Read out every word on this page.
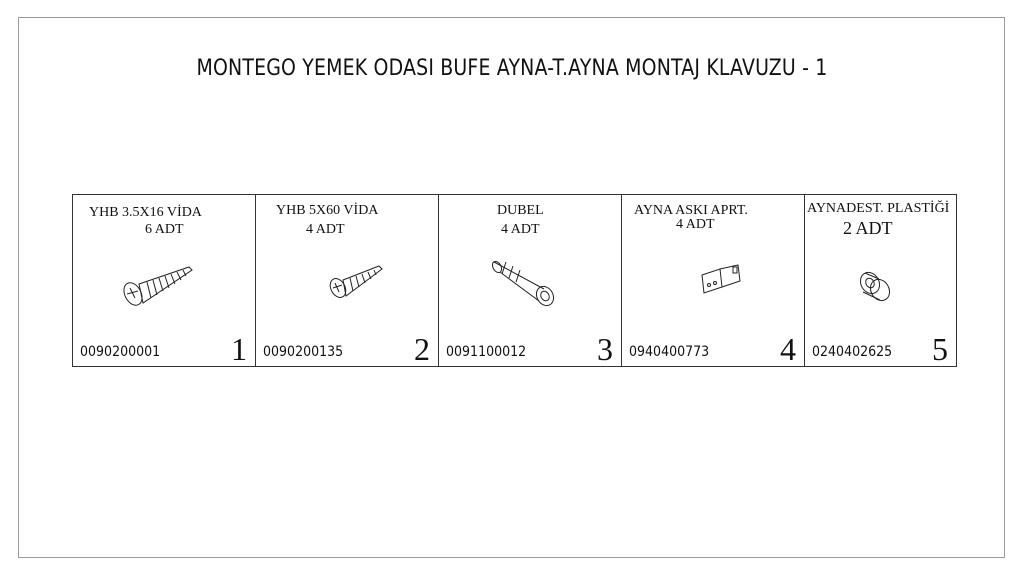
MONTEGO YEMEK ODASI BUFE AYNA-T.AYNA MONTAJ KLAVUZU - 1
YHB 3.5X16 VİDA
6 ADT
0090200001 1
YHB 5X60 VİDA
4 ADT
0090200135 2
DUBEL
4 ADT
0091100012 3
AYNA ASKI APRT.
4 ADT
0940400773 4
AYNADEST. PLASTİĞİ
2 ADT
0240402625 5
